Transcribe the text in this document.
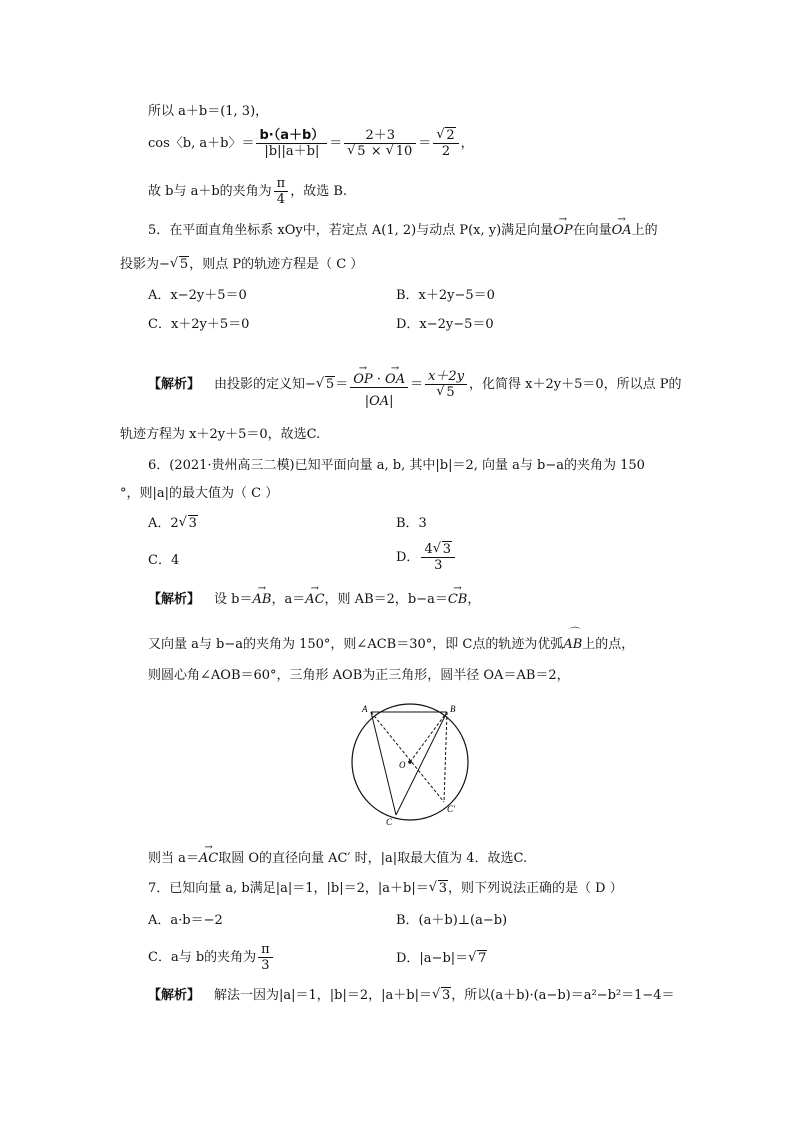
所以 a＋b＝(1, 3)，
cos〈b, a＋b〉＝ $\frac{b\cdot(a+b)}{|b||a+b|} = 2+3$
√ 5 × √ 10 ＝
√ $\frac{2}{2}$ ，
故 b与 a＋b的夹角为 $\frac{\pi}{4}$ ，故选 B.
5．在平面直角坐标系 xOy中，若定点 A(1, 2)与动点 P(x, y)满足向量→ OP在向量→ OA上的
投影为−√ 5，则点 P的轨迹方程是（ C ）
A．x−2y＋5＝0	B．x＋2y−5＝0
C．x＋2y＋5＝0	D．x−2y−5＝0
【解析】 由投影的定义知−√ 5＝
→ $\frac{OP \cdot \to OA}{|OA|} = x+2y$
√ 5 ，化简得 x＋2y＋5＝0，所以点 P的
轨迹方程为 x＋2y＋5＝0，故选C.
6．(2021·贵州高三二模)已知平面向量 a, b, 其中|b|＝2, 向量 a与 b−a的夹角为 150
°，则|a|的最大值为（ C ）
A．2√ 3	B．3
C．4	D． $\frac{4√ 3}{3}$
【解析】 设 b＝→ AB，a＝→ AC，则 AB＝2，b−a＝→ CB，
又向量 a与 b−a的夹角为 150°，则∠ACB＝30°，即 C点的轨迹为优弧⌒ AB上的点，
则圆心角∠AOB＝60°，三角形 AOB为正三角形，圆半径 OA＝AB＝2，
A	B
O
C
C′
则当 a＝→ AC取圆 O的直径向量 AC′ 时，|a|取最大值为 4．故选C.
7．已知向量 a, b满足|a|＝1，|b|＝2，|a＋b|＝√ 3，则下列说法正确的是（ D ）
A．a·b＝−2	B．(a＋b)⊥(a−b)
C．a与 b的夹角为 $\frac{\pi}{3}$	D．|a−b|＝√ 7
【解析】 解法一因为|a|＝1，|b|＝2，|a＋b|＝√ 3，所以(a＋b)·(a−b)＝a²−b²＝1−4＝
